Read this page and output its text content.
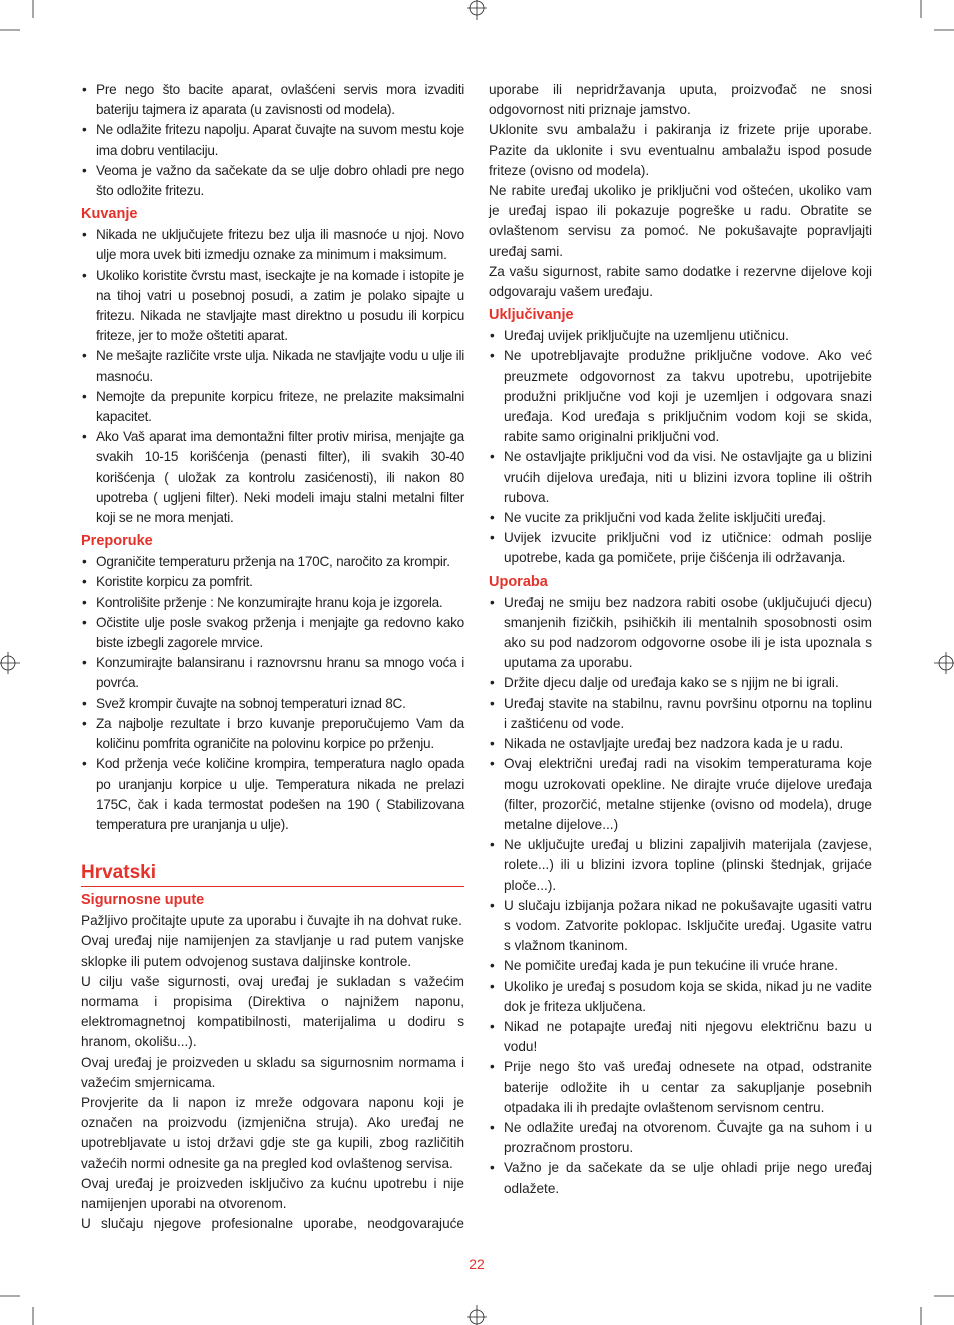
• Pre nego što bacite aparat, ovlašćeni servis mora izvaditi bateriju tajmera iz aparata (u zavisnosti od modela).
• Ne odlažite fritezu napolju. Aparat čuvajte na suvom mestu koje ima dobru ventilaciju.
• Veoma je važno da sačekate da se ulje dobro ohladi pre nego što odložite fritezu.
Kuvanje
• Nikada ne uključujete fritezu bez ulja ili masnoće u njoj. Novo ulje mora uvek biti izmedju oznake za minimum i maksimum.
• Ukoliko koristite čvrstu mast, iseckajte je na komade i istopite je na tihoj vatri u posebnoj posudi, a zatim je polako sipajte u fritezu. Nikada ne stavljajte mast direktno u posudu ili korpicu friteze, jer to može oštetiti aparat.
• Ne mešajte različite vrste ulja. Nikada ne stavljajte vodu u ulje ili masnoću.
• Nemojte da prepunite korpicu friteze, ne prelazite maksimalni kapacitet.
• Ako Vaš aparat ima demontažni filter protiv mirisa, menjajte ga svakih 10-15 korišćenja (penasti filter), ili svakih 30-40 korišćenja ( uložak za kontrolu zasićenosti), ili nakon 80 upotreba ( ugljeni filter). Neki modeli imaju stalni metalni filter koji se ne mora menjati.
Preporuke
• Ograničite temperaturu prženja na 170C, naročito za krompir.
• Koristite korpicu za pomfrit.
• Kontrolišite prženje : Ne konzumirajte hranu koja je izgorela.
• Očistite ulje posle svakog prženja i menjajte ga redovno kako biste izbegli zagorele mrvice.
• Konzumirajte balansiranu i raznovrsnu hranu sa mnogo voća i povrća.
• Svež krompir čuvajte na sobnoj temperaturi iznad 8C.
• Za najbolje rezultate i brzo kuvanje preporučujemo Vam da količinu pomfrita ograničite na polovinu korpice po prženju.
• Kod prženja veće količine krompira, temperatura naglo opada po uranjanju korpice u ulje. Temperatura nikada ne prelazi 175C, čak i kada termostat podešen na 190 ( Stabilizovana temperatura pre uranjanja u ulje).
Hrvatski
Sigurnosne upute

Pažljivo pročitajte upute za uporabu i čuvajte ih na dohvat ruke.

Ovaj uređaj nije namijenjen za stavljanje u rad putem vanjske sklopke ili putem odvojenog sustava daljinske kontrole.

U cilju vaše sigurnosti, ovaj uređaj je sukladan s važećim normama i propisima (Direktiva o najnižem naponu, elektromagnetnoj kompatibilnosti, materijalima u dodiru s hranom, okolišu...).

Ovaj uređaj je proizveden u skladu sa sigurnosnim normama i važećim smjernicama.

Provjerite da li napon iz mreže odgovara naponu koji je označen na proizvodu (izmjenična struja). Ako uređaj ne upotrebljavate u istoj državi gdje ste ga kupili, zbog različitih važećih normi odnesite ga na pregled kod ovlaštenog servisa.

Ovaj uređaj je proizveden isključivo za kućnu upotrebu i nije namijenjen uporabi na otvorenom.

U slučaju njegove profesionalne uporabe, neodgovarajuće

uporabe ili nepridržavanja uputa, proizvođač ne snosi odgovornost niti priznaje jamstvo.

Uklonite svu ambalažu i pakiranja iz frizete prije uporabe. Pazite da uklonite i svu eventualnu ambalažu ispod posude friteze (ovisno od modela).

Ne rabite uređaj ukoliko je priključni vod oštećen, ukoliko vam je uređaj ispao ili pokazuje pogreške u radu. Obratite se ovlaštenom servisu za pomoć. Ne pokušavajte popravljajti uređaj sami.

Za vašu sigurnost, rabite samo dodatke i rezervne dijelove koji odgovaraju vašem uređaju.

Uključivanje
• Uređaj uvijek priključujte na uzemljenu utičnicu.
• Ne upotrebljavajte produžne priključne vodove. Ako već preuzmete odgovornost za takvu upotrebu, upotrijebite produžni priključne vod koji je uzemljen i odgovara snazi uređaja. Kod uređaja s priključnim vodom koji se skida, rabite samo originalni priključni vod.
• Ne ostavljajte priključni vod da visi. Ne ostavljajte ga u blizini vrućih dijelova uređaja, niti u blizini izvora topline ili oštrih rubova.
• Ne vucite za priključni vod kada želite isključiti uređaj.
• Uvijek izvucite priključni vod iz utičnice: odmah poslije upotrebe, kada ga pomičete, prije čišćenja ili održavanja.
Uporaba
• Uređaj ne smiju bez nadzora rabiti osobe (uključujući djecu) smanjenih fizičkih, psihičkih ili mentalnih sposobnosti osim ako su pod nadzorom odgovorne osobe ili je ista upoznala s uputama za uporabu.
• Držite djecu dalje od uređaja kako se s njijm ne bi igrali.
• Uređaj stavite na stabilnu, ravnu površinu otpornu na toplinu i zaštićenu od vode.
• Nikada ne ostavljajte uređaj bez nadzora kada je u radu.
• Ovaj električni uređaj radi na visokim temperaturama koje mogu uzrokovati opekline. Ne dirajte vruće dijelove uređaja (filter, prozorčić, metalne stijenke (ovisno od modela), druge metalne dijelove...)
• Ne uključujte uređaj u blizini zapaljivih materijala (zavjese, rolete...) ili u blizini izvora topline (plinski štednjak, grijaće ploče...).
• U slučaju izbijanja požara nikad ne pokušavajte ugasiti vatru s vodom. Zatvorite poklopac. Isključite uređaj. Ugasite vatru s vlažnom tkaninom.
• Ne pomičite uređaj kada je pun tekućine ili vruće hrane.
• Ukoliko je uređaj s posudom koja se skida, nikad ju ne vadite dok je friteza uključena.
• Nikad ne potapajte uređaj niti njegovu električnu bazu u vodu!
• Prije nego što vaš uređaj odnesete na otpad, odstranite baterije odložite ih u centar za sakupljanje posebnih otpadaka ili ih predajte ovlaštenom servisnom centru.
• Ne odlažite uređaj na otvorenom. Čuvajte ga na suhom i u prozračnom prostoru.
• Važno je da sačekate da se ulje ohladi prije nego uređaj odlažete.
22
